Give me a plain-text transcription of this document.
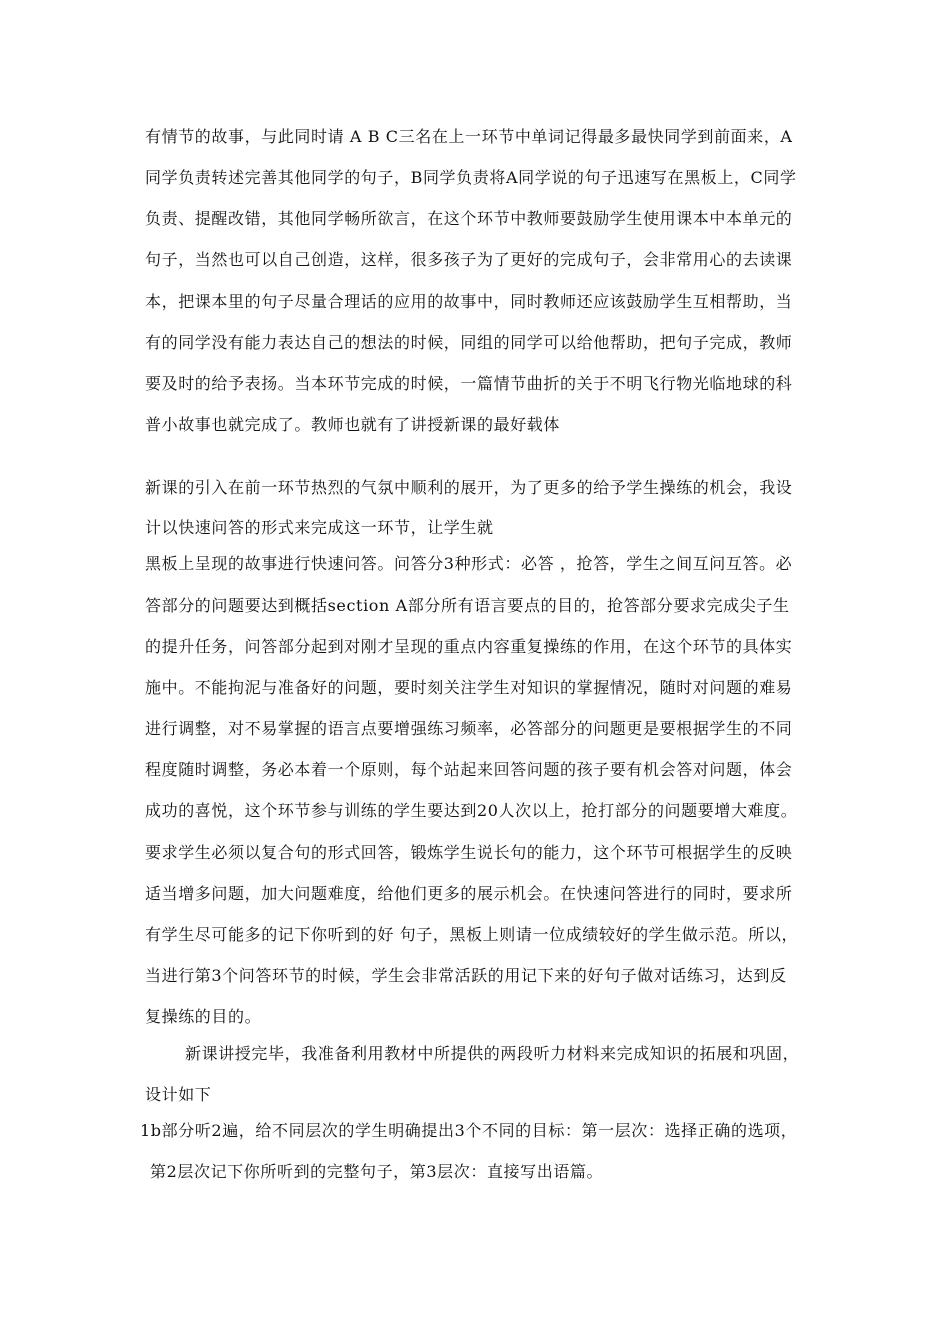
有情节的故事，与此同时请 A B C三名在上一环节中单词记得最多最快同学到前面来，A
同学负责转述完善其他同学的句子，B同学负责将A同学说的句子迅速写在黑板上，C同学
负责、提醒改错，其他同学畅所欲言，在这个环节中教师要鼓励学生使用课本中本单元的
句子，当然也可以自己创造，这样，很多孩子为了更好的完成句子，会非常用心的去读课
本，把课本里的句子尽量合理话的应用的故事中，同时教师还应该鼓励学生互相帮助，当
有的同学没有能力表达自己的想法的时候，同组的同学可以给他帮助，把句子完成，教师
要及时的给予表扬。当本环节完成的时候，一篇情节曲折的关于不明飞行物光临地球的科
普小故事也就完成了。教师也就有了讲授新课的最好载体
新课的引入在前一环节热烈的气氛中顺利的展开，为了更多的给予学生操练的机会，我设
计以快速问答的形式来完成这一环节，让学生就
黑板上呈现的故事进行快速问答。问答分3种形式：必答 ，抢答，学生之间互问互答。必
答部分的问题要达到概括section A部分所有语言要点的目的，抢答部分要求完成尖子生
的提升任务，问答部分起到对刚才呈现的重点内容重复操练的作用，在这个环节的具体实
施中。不能拘泥与准备好的问题，要时刻关注学生对知识的掌握情况，随时对问题的难易
进行调整，对不易掌握的语言点要增强练习频率，必答部分的问题更是要根据学生的不同
程度随时调整，务必本着一个原则，每个站起来回答问题的孩子要有机会答对问题，体会
成功的喜悦，这个环节参与训练的学生要达到20人次以上，抢打部分的问题要增大难度。
要求学生必须以复合句的形式回答，锻炼学生说长句的能力，这个环节可根据学生的反映
适当增多问题，加大问题难度，给他们更多的展示机会。在快速问答进行的同时，要求所
有学生尽可能多的记下你听到的好 句子，黑板上则请一位成绩较好的学生做示范。所以，
当进行第3个问答环节的时候，学生会非常活跃的用记下来的好句子做对话练习，达到反
复操练的目的。
新课讲授完毕，我准备利用教材中所提供的两段听力材料来完成知识的拓展和巩固，
设计如下
1b部分听2遍，给不同层次的学生明确提出3个不同的目标：第一层次：选择正确的选项，
第2层次记下你所听到的完整句子，第3层次：直接写出语篇。
